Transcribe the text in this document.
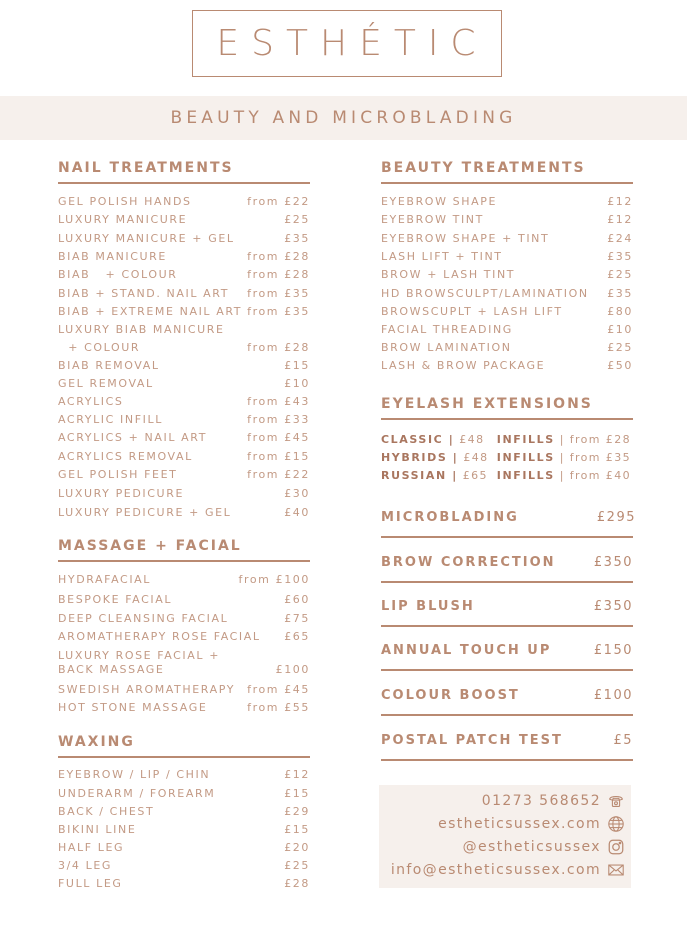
ESTHÉTIC
BEAUTY AND MICROBLADING
NAIL TREATMENTS
GEL POLISH HANDS	from £22
LUXURY MANICURE	£25
LUXURY MANICURE + GEL	£35
BIAB MANICURE	from £28
BIAB   + COLOUR	from £28
BIAB + STAND. NAIL ART from £35
BIAB + EXTREME NAIL ART from £35
LUXURY BIAB MANICURE
+ COLOUR	from £28
BIAB REMOVAL	£15
GEL REMOVAL	£10
ACRYLICS	from £43
ACRYLIC INFILL	from £33
ACRYLICS + NAIL ART	from £45
ACRYLICS REMOVAL	from £15
GEL POLISH FEET	from £22
LUXURY PEDICURE	£30
LUXURY PEDICURE + GEL	£40
MASSAGE + FACIAL
HYDRAFACIAL	from £100
BESPOKE FACIAL	£60
DEEP CLEANSING FACIAL	£75
AROMATHERAPY ROSE FACIAL £65
LUXURY ROSE FACIAL +
BACK MASSAGE	£100
SWEDISH AROMATHERAPY from £45
HOT STONE MASSAGE	from £55
WAXING
EYEBROW / LIP / CHIN	£12
UNDERARM / FOREARM	£15
BACK / CHEST	£29
BIKINI LINE	£15
HALF LEG	£20
3/4 LEG	£25
FULL LEG	£28
BEAUTY TREATMENTS
EYEBROW SHAPE	£12
EYEBROW TINT	£12
EYEBROW SHAPE + TINT	£24
LASH LIFT + TINT	£35
BROW + LASH TINT	£25
HD BROWSCULPT/LAMINATION £35
BROWSCUPLT + LASH LIFT	£80
FACIAL THREADING	£10
BROW LAMINATION	£25
LASH & BROW PACKAGE	£50
EYELASH EXTENSIONS
CLASSIC | £48 INFILLS | from £28
HYBRIDS | £48 INFILLS | from £35
RUSSIAN | £65 INFILLS | from £40
MICROBLADING	£295
BROW CORRECTION	£350
LIP BLUSH	£350
ANNUAL TOUCH UP	£150
COLOUR BOOST	£100
POSTAL PATCH TEST	£5
01273 568652
estheticsussex.com
@estheticsussex
info@estheticsussex.com
